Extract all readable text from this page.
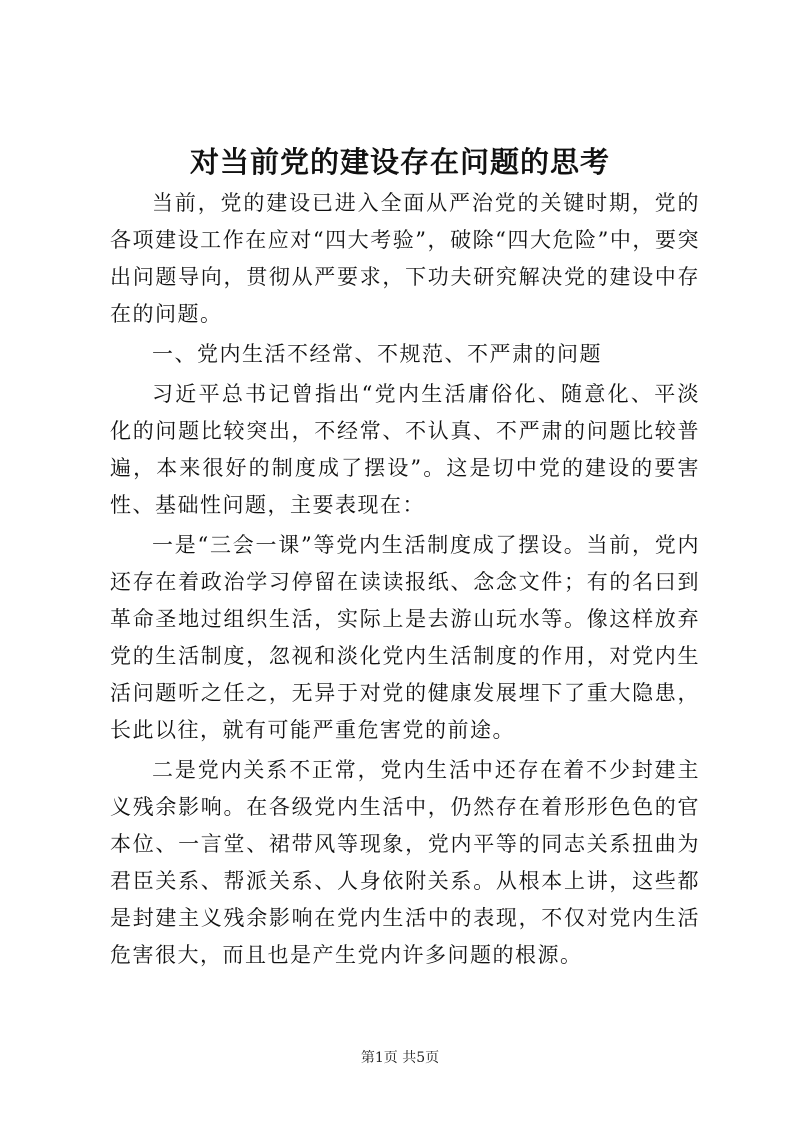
对当前党的建设存在问题的思考

当前，党的建设已进入全面从严治党的关键时期，党的各项建设工作在应对“四大考验”，破除“四大危险”中，要突出问题导向，贯彻从严要求，下功夫研究解决党的建设中存在的问题。

一、党内生活不经常、不规范、不严肃的问题

习近平总书记曾指出“党内生活庸俗化、随意化、平淡化的问题比较突出，不经常、不认真、不严肃的问题比较普遍，本来很好的制度成了摆设”。这是切中党的建设的要害性、基础性问题，主要表现在：

一是“三会一课”等党内生活制度成了摆设。当前，党内还存在着政治学习停留在读读报纸、念念文件；有的名曰到革命圣地过组织生活，实际上是去游山玩水等。像这样放弃党的生活制度，忽视和淡化党内生活制度的作用，对党内生活问题听之任之，无异于对党的健康发展埋下了重大隐患，长此以往，就有可能严重危害党的前途。

二是党内关系不正常，党内生活中还存在着不少封建主义残余影响。在各级党内生活中，仍然存在着形形色色的官本位、一言堂、裙带风等现象，党内平等的同志关系扭曲为君臣关系、帮派关系、人身依附关系。从根本上讲，这些都是封建主义残余影响在党内生活中的表现，不仅对党内生活危害很大，而且也是产生党内许多问题的根源。

第1页 共5页
